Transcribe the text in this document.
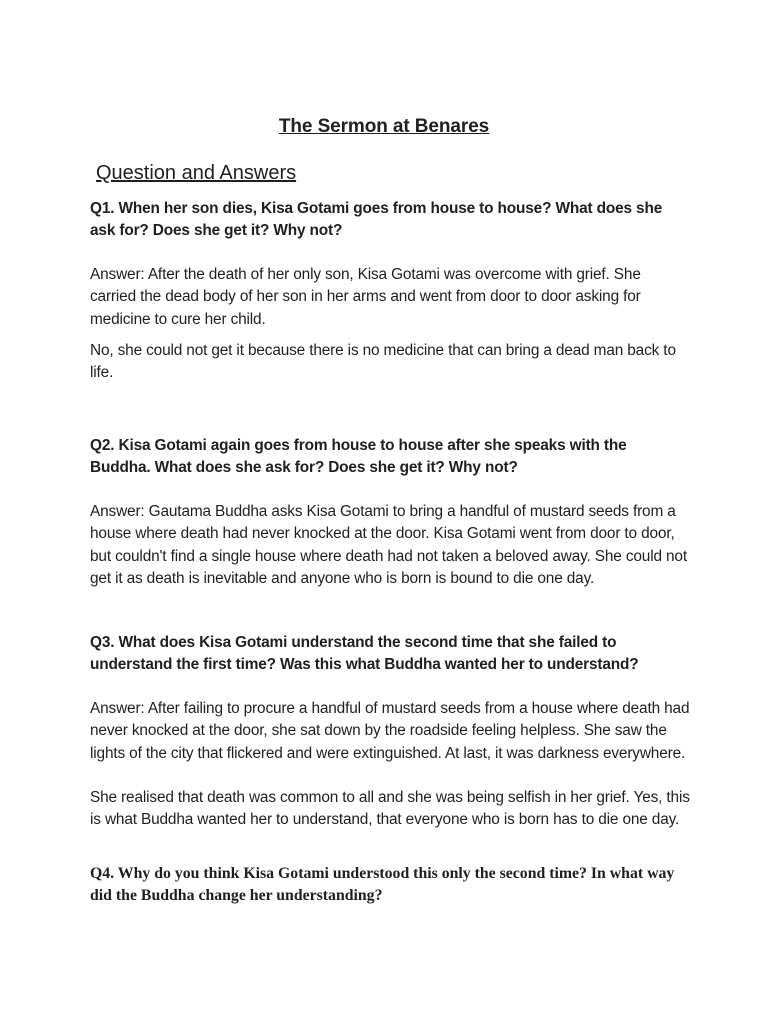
The Sermon at Benares
Question and Answers

Q1. When her son dies, Kisa Gotami goes from house to house? What does she ask for? Does she get it? Why not?

Answer: After the death of her only son, Kisa Gotami was overcome with grief. She carried the dead body of her son in her arms and went from door to door asking for medicine to cure her child.

No, she could not get it because there is no medicine that can bring a dead man back to life.

Q2. Kisa Gotami again goes from house to house after she speaks with the Buddha. What does she ask for? Does she get it? Why not?

Answer: Gautama Buddha asks Kisa Gotami to bring a handful of mustard seeds from a house where death had never knocked at the door. Kisa Gotami went from door to door, but couldn't find a single house where death had not taken a beloved away. She could not get it as death is inevitable and anyone who is born is bound to die one day.

Q3. What does Kisa Gotami understand the second time that she failed to understand the first time? Was this what Buddha wanted her to understand?

Answer: After failing to procure a handful of mustard seeds from a house where death had never knocked at the door, she sat down by the roadside feeling helpless. She saw the lights of the city that flickered and were extinguished. At last, it was darkness everywhere.

She realised that death was common to all and she was being selfish in her grief. Yes, this is what Buddha wanted her to understand, that everyone who is born has to die one day.

Q4. Why do you think Kisa Gotami understood this only the second time? In what way did the Buddha change her understanding?
